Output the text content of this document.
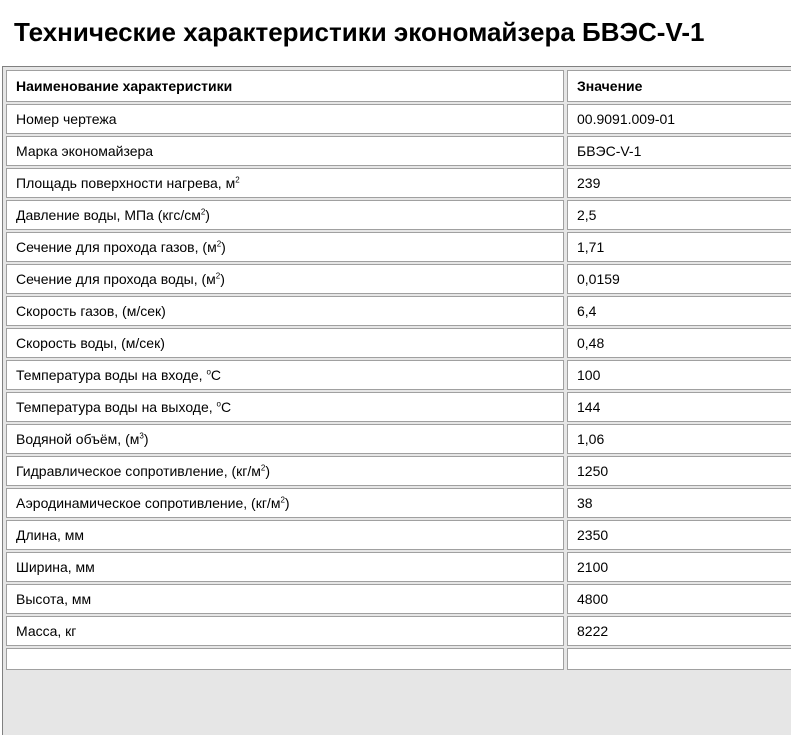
Технические характеристики экономайзера БВЭС-V-1
Наименование характеристики	Значение
Номер чертежа	00.9091.009-01
Марка экономайзера	БВЭС-V-1
Площадь поверхности нагрева, $м^2$	239
Давление воды, МПа $(кгс/см^2)$	2,5
Сечение для прохода газов, $(м^2)$	1,71
Сечение для прохода воды, $(м^2)$	0,0159
Скорость газов, (м/сек)	6,4
Скорость воды, (м/сек)	0,48
Температура воды на входе, $^о$С	100
Температура воды на выходе, $^о$С	144
Водяной объём, $(м^3)$	1,06
Гидравлическое сопротивление, $(кг/м^2)$	1250
Аэродинамическое сопротивление, $(кг/м^2)$	38
Длина, мм	2350
Ширина, мм	2100
Высота, мм	4800
Масса, кг	8222
